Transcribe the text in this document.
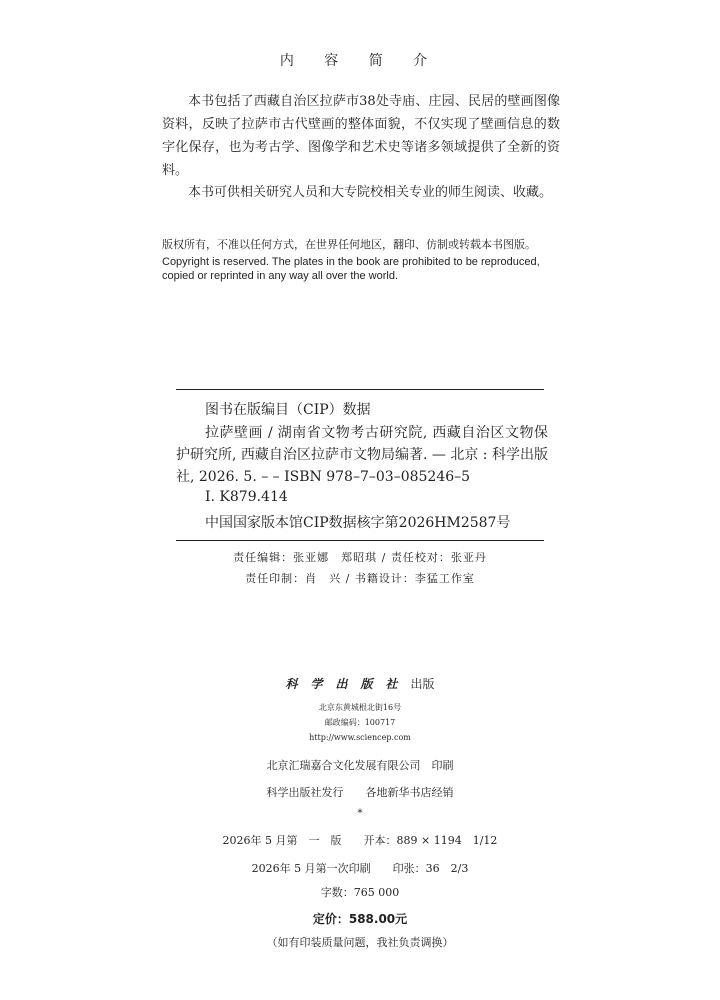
内 容 简 介
本书包括了西藏自治区拉萨市38处寺庙、庄园、民居的壁画图像资料，反映了拉萨市古代壁画的整体面貌，不仅实现了壁画信息的数字化保存，也为考古学、图像学和艺术史等诸多领域提供了全新的资料。
本书可供相关研究人员和大专院校相关专业的师生阅读、收藏。
版权所有，不准以任何方式，在世界任何地区，翻印、仿制或转载本书图版。
Copyright is reserved. The plates in the book are prohibited to be reproduced, copied or reprinted in any way all over the world.
图书在版编目（CIP）数据
拉萨壁画 / 湖南省文物考古研究院, 西藏自治区文物保护研究所, 西藏自治区拉萨市文物局编著. — 北京 : 科学出版社, 2026. 5. – – ISBN 978–7–03–085246–5
Ⅰ. K879.414
中国国家版本馆CIP数据核字第2026HM2587号
责任编辑：张亚娜　郑昭琪 / 责任校对：张亚丹
责任印制：肖　兴 / 书籍设计：李猛工作室
科学出版社出版
北京东黄城根北街16号
邮政编码：100717
http://www.sciencep.com
北京汇瑞嘉合文化发展有限公司　印刷
科学出版社发行　　各地新华书店经销
*
2026年 5 月第　一　版　　开本：889 × 1194　1/12
2026年 5 月第一次印刷　　印张：36　2/3
字数：765 000
定价：588.00元
（如有印装质量问题，我社负责调换）
